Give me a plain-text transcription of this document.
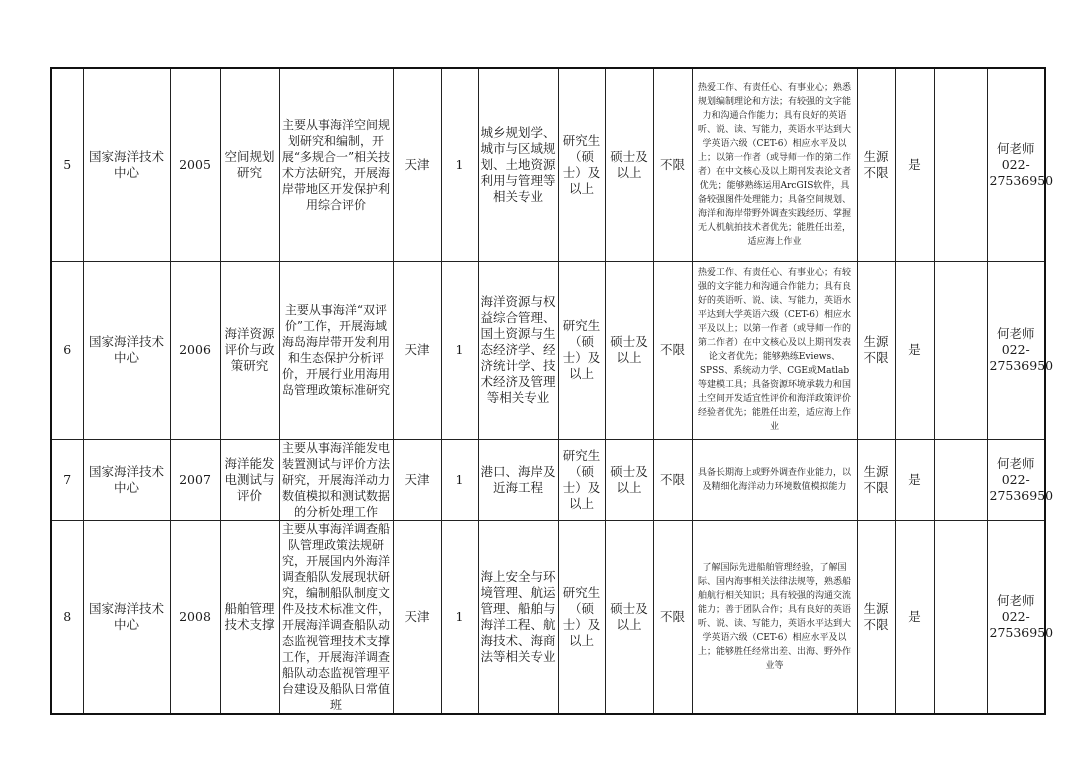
5	国家海洋技术中心	2005	空间规划研究	主要从事海洋空间规划研究和编制，开展“多规合一”相关技术方法研究，开展海岸带地区开发保护利用综合评价	天津	1	城乡规划学、城市与区域规划、土地资源利用与管理等相关专业	研究生（硕士）及以上	硕士及以上	不限	热爱工作、有责任心、有事业心；熟悉规划编制理论和方法；有较强的文字能力和沟通合作能力；具有良好的英语听、说、读、写能力，英语水平达到大学英语六级（CET-6）相应水平及以上；以第一作者（或导师一作的第二作者）在中文核心及以上期刊发表论文者优先；能够熟练运用ArcGIS软件，具备较强图件处理能力；具备空间规划、海洋和海岸带野外调查实践经历、掌握无人机航拍技术者优先；能胜任出差，适应海上作业	生源不限	是		何老师
022-
27536950
6	国家海洋技术中心	2006	海洋资源评价与政策研究	主要从事海洋“双评价”工作，开展海域海岛海岸带开发利用和生态保护分析评价，开展行业用海用岛管理政策标准研究	天津	1	海洋资源与权益综合管理、国土资源与生态经济学、经济统计学、技术经济及管理等相关专业	研究生（硕士）及以上	硕士及以上	不限	热爱工作、有责任心、有事业心；有较强的文字能力和沟通合作能力；具有良好的英语听、说、读、写能力，英语水平达到大学英语六级（CET-6）相应水平及以上；以第一作者（或导师一作的第二作者）在中文核心及以上期刊发表论文者优先；能够熟练Eviews、SPSS、系统动力学、CGE或Matlab等建模工具；具备资源环境承载力和国土空间开发适宜性评价和海洋政策评价经验者优先；能胜任出差，适应海上作业	生源不限	是		何老师
022-
27536950
7	国家海洋技术中心	2007	海洋能发电测试与评价	主要从事海洋能发电装置测试与评价方法研究，开展海洋动力数值模拟和测试数据的分析处理工作	天津	1	港口、海岸及近海工程	研究生（硕士）及以上	硕士及以上	不限	具备长期海上或野外调查作业能力，以及精细化海洋动力环境数值模拟能力	生源不限	是		何老师
022-
27536950
8	国家海洋技术中心	2008	船舶管理技术支撑	主要从事海洋调查船队管理政策法规研究，开展国内外海洋调查船队发展现状研究，编制船队制度文件及技术标准文件，开展海洋调查船队动态监视管理技术支撑工作，开展海洋调查船队动态监视管理平台建设及船队日常值班	天津	1	海上安全与环境管理、航运管理、船舶与海洋工程、航海技术、海商法等相关专业	研究生（硕士）及以上	硕士及以上	不限	了解国际先进船舶管理经验，了解国际、国内海事相关法律法规等，熟悉船舶航行相关知识；具有较强的沟通交流能力；善于团队合作；具有良好的英语听、说、读、写能力，英语水平达到大学英语六级（CET-6）相应水平及以上；能够胜任经常出差、出海、野外作业等	生源不限	是		何老师
022-
27536950
